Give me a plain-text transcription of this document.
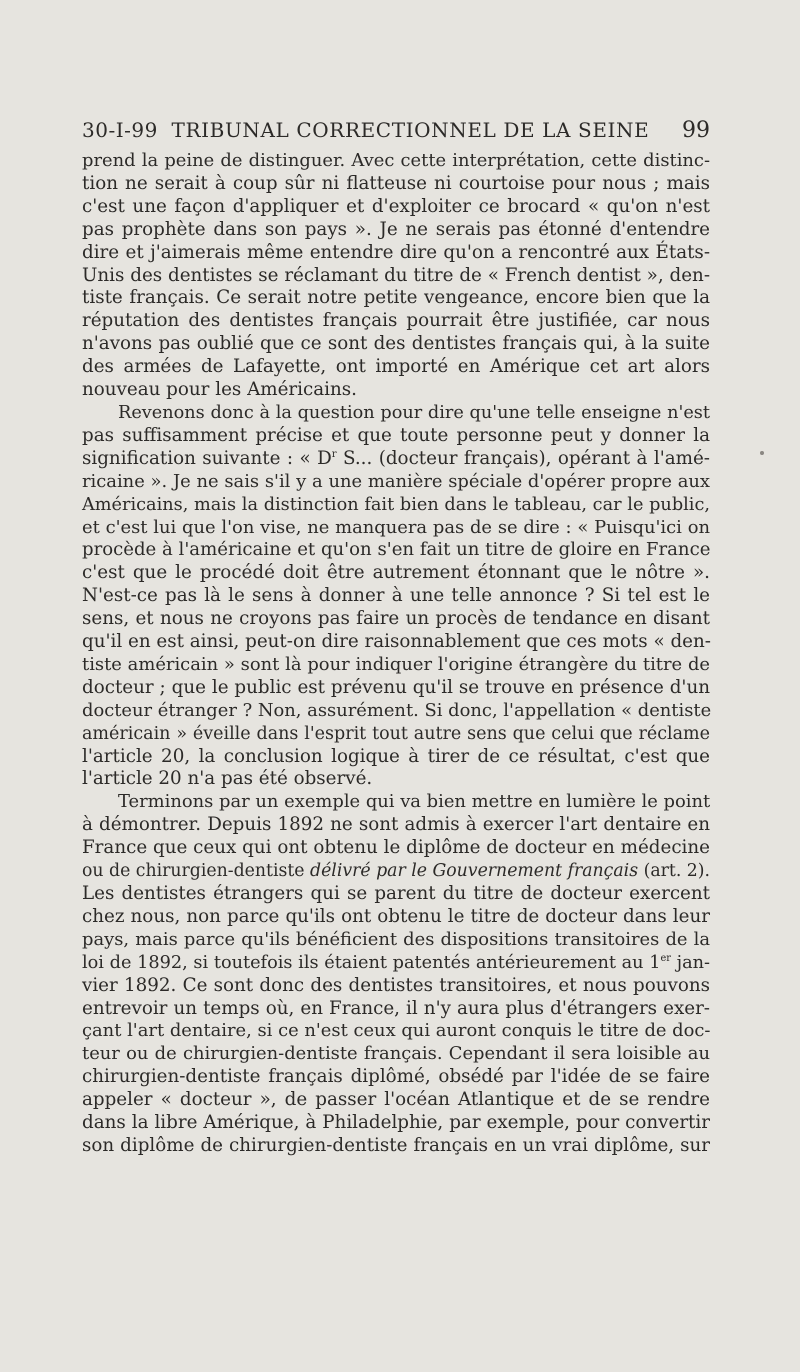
30-I-99 TRIBUNAL CORRECTIONNEL DE LA SEINE 99
prend la peine de distinguer. Avec cette interprétation, cette distinc-
tion ne serait à coup sûr ni flatteuse ni courtoise pour nous ; mais
c'est une façon d'appliquer et d'exploiter ce brocard « qu'on n'est
pas prophète dans son pays ». Je ne serais pas étonné d'entendre
dire et j'aimerais même entendre dire qu'on a rencontré aux États-
Unis des dentistes se réclamant du titre de « French dentist », den-
tiste français. Ce serait notre petite vengeance, encore bien que la
réputation des dentistes français pourrait être justifiée, car nous
n'avons pas oublié que ce sont des dentistes français qui, à la suite
des armées de Lafayette, ont importé en Amérique cet art alors
nouveau pour les Américains.
Revenons donc à la question pour dire qu'une telle enseigne n'est
pas suffisamment précise et que toute personne peut y donner la
signification suivante : « $D^r$ S... (docteur français), opérant à l'amé-
ricaine ». Je ne sais s'il y a une manière spéciale d'opérer propre aux
Américains, mais la distinction fait bien dans le tableau, car le public,
et c'est lui que l'on vise, ne manquera pas de se dire : « Puisqu'ici on
procède à l'américaine et qu'on s'en fait un titre de gloire en France
c'est que le procédé doit être autrement étonnant que le nôtre ».
N'est-ce pas là le sens à donner à une telle annonce ? Si tel est le
sens, et nous ne croyons pas faire un procès de tendance en disant
qu'il en est ainsi, peut-on dire raisonnablement que ces mots « den-
tiste américain » sont là pour indiquer l'origine étrangère du titre de
docteur ; que le public est prévenu qu'il se trouve en présence d'un
docteur étranger ? Non, assurément. Si donc, l'appellation « dentiste
américain » éveille dans l'esprit tout autre sens que celui que réclame
l'article 20, la conclusion logique à tirer de ce résultat, c'est que
l'article 20 n'a pas été observé.
Terminons par un exemple qui va bien mettre en lumière le point
à démontrer. Depuis 1892 ne sont admis à exercer l'art dentaire en
France que ceux qui ont obtenu le diplôme de docteur en médecine
ou de chirurgien-dentiste délivré par le Gouvernement français (art. 2).
Les dentistes étrangers qui se parent du titre de docteur exercent
chez nous, non parce qu'ils ont obtenu le titre de docteur dans leur
pays, mais parce qu'ils bénéficient des dispositions transitoires de la
loi de 1892, si toutefois ils étaient patentés antérieurement au 1er jan-
vier 1892. Ce sont donc des dentistes transitoires, et nous pouvons
entrevoir un temps où, en France, il n'y aura plus d'étrangers exer-
çant l'art dentaire, si ce n'est ceux qui auront conquis le titre de doc-
teur ou de chirurgien-dentiste français. Cependant il sera loisible au
chirurgien-dentiste français diplômé, obsédé par l'idée de se faire
appeler « docteur », de passer l'océan Atlantique et de se rendre
dans la libre Amérique, à Philadelphie, par exemple, pour convertir
son diplôme de chirurgien-dentiste français en un vrai diplôme, sur
